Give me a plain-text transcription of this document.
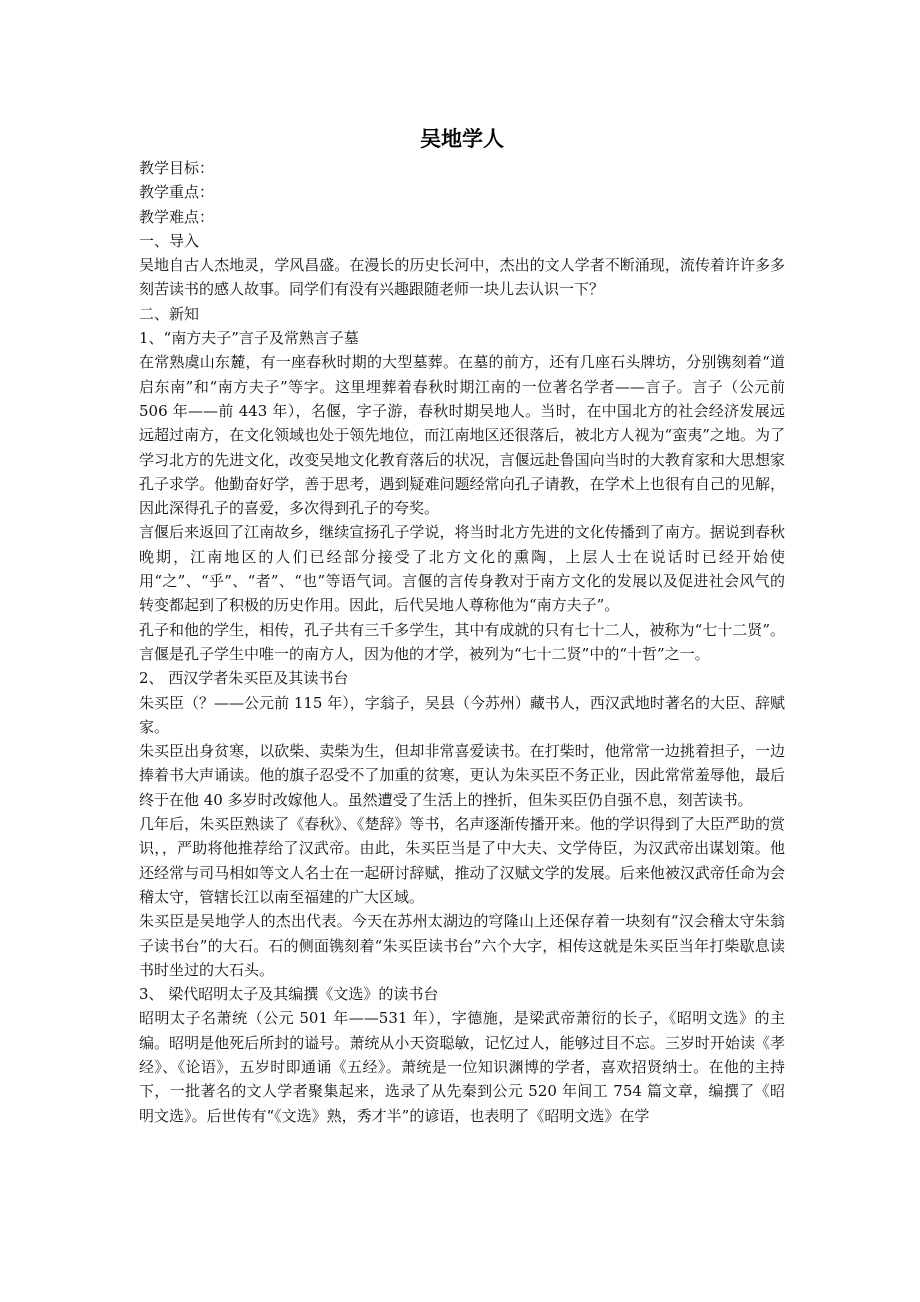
吴地学人

教学目标：

教学重点：

教学难点：

一、导入

吴地自古人杰地灵，学风昌盛。在漫长的历史长河中，杰出的文人学者不断涌现，流传着许许多多刻苦读书的感人故事。同学们有没有兴趣跟随老师一块儿去认识一下？

二、新知

1、“南方夫子”言子及常熟言子墓

在常熟虞山东麓，有一座春秋时期的大型墓葬。在墓的前方，还有几座石头牌坊，分别镌刻着“道启东南”和“南方夫子”等字。这里埋葬着春秋时期江南的一位著名学者——言子。言子（公元前 506 年——前 443 年），名偃，字子游，春秋时期吴地人。当时，在中国北方的社会经济发展远远超过南方，在文化领域也处于领先地位，而江南地区还很落后，被北方人视为“蛮夷”之地。为了学习北方的先进文化，改变吴地文化教育落后的状况，言偃远赴鲁国向当时的大教育家和大思想家孔子求学。他勤奋好学，善于思考，遇到疑难问题经常向孔子请教，在学术上也很有自己的见解，因此深得孔子的喜爱，多次得到孔子的夸奖。

言偃后来返回了江南故乡，继续宣扬孔子学说，将当时北方先进的文化传播到了南方。据说到春秋晚期，江南地区的人们已经部分接受了北方文化的熏陶，上层人士在说话时已经开始使用“之”、“乎”、“者”、“也”等语气词。言偃的言传身教对于南方文化的发展以及促进社会风气的转变都起到了积极的历史作用。因此，后代吴地人尊称他为“南方夫子”。

孔子和他的学生，相传，孔子共有三千多学生，其中有成就的只有七十二人，被称为“七十二贤”。言偃是孔子学生中唯一的南方人，因为他的才学，被列为“七十二贤”中的“十哲”之一。

2、 西汉学者朱买臣及其读书台

朱买臣（？——公元前 115 年），字翁子，吴县（今苏州）藏书人，西汉武地时著名的大臣、辞赋家。

朱买臣出身贫寒，以砍柴、卖柴为生，但却非常喜爱读书。在打柴时，他常常一边挑着担子，一边捧着书大声诵读。他的旗子忍受不了加重的贫寒，更认为朱买臣不务正业，因此常常羞辱他，最后终于在他 40 多岁时改嫁他人。虽然遭受了生活上的挫折，但朱买臣仍自强不息，刻苦读书。

几年后，朱买臣熟读了《春秋》、《楚辞》等书，名声逐渐传播开来。他的学识得到了大臣严助的赏识，，严助将他推荐给了汉武帝。由此，朱买臣当是了中大夫、文学侍臣，为汉武帝出谋划策。他还经常与司马相如等文人名士在一起研讨辞赋，推动了汉赋文学的发展。后来他被汉武帝任命为会稽太守，管辖长江以南至福建的广大区域。

朱买臣是吴地学人的杰出代表。今天在苏州太湖边的穹隆山上还保存着一块刻有“汉会稽太守朱翁子读书台”的大石。石的侧面镌刻着“朱买臣读书台”六个大字，相传这就是朱买臣当年打柴歇息读书时坐过的大石头。

3、 梁代昭明太子及其编撰《文选》的读书台

昭明太子名萧统（公元 501 年——531 年），字德施，是梁武帝萧衍的长子，《昭明文选》的主编。昭明是他死后所封的谥号。萧统从小天资聪敏，记忆过人，能够过目不忘。三岁时开始读《孝经》、《论语》，五岁时即通诵《五经》。萧统是一位知识渊博的学者，喜欢招贤纳士。在他的主持下，一批著名的文人学者聚集起来，选录了从先秦到公元 520 年间工 754 篇文章，编撰了《昭明文选》。后世传有“《文选》熟，秀才半”的谚语，也表明了《昭明文选》在学
